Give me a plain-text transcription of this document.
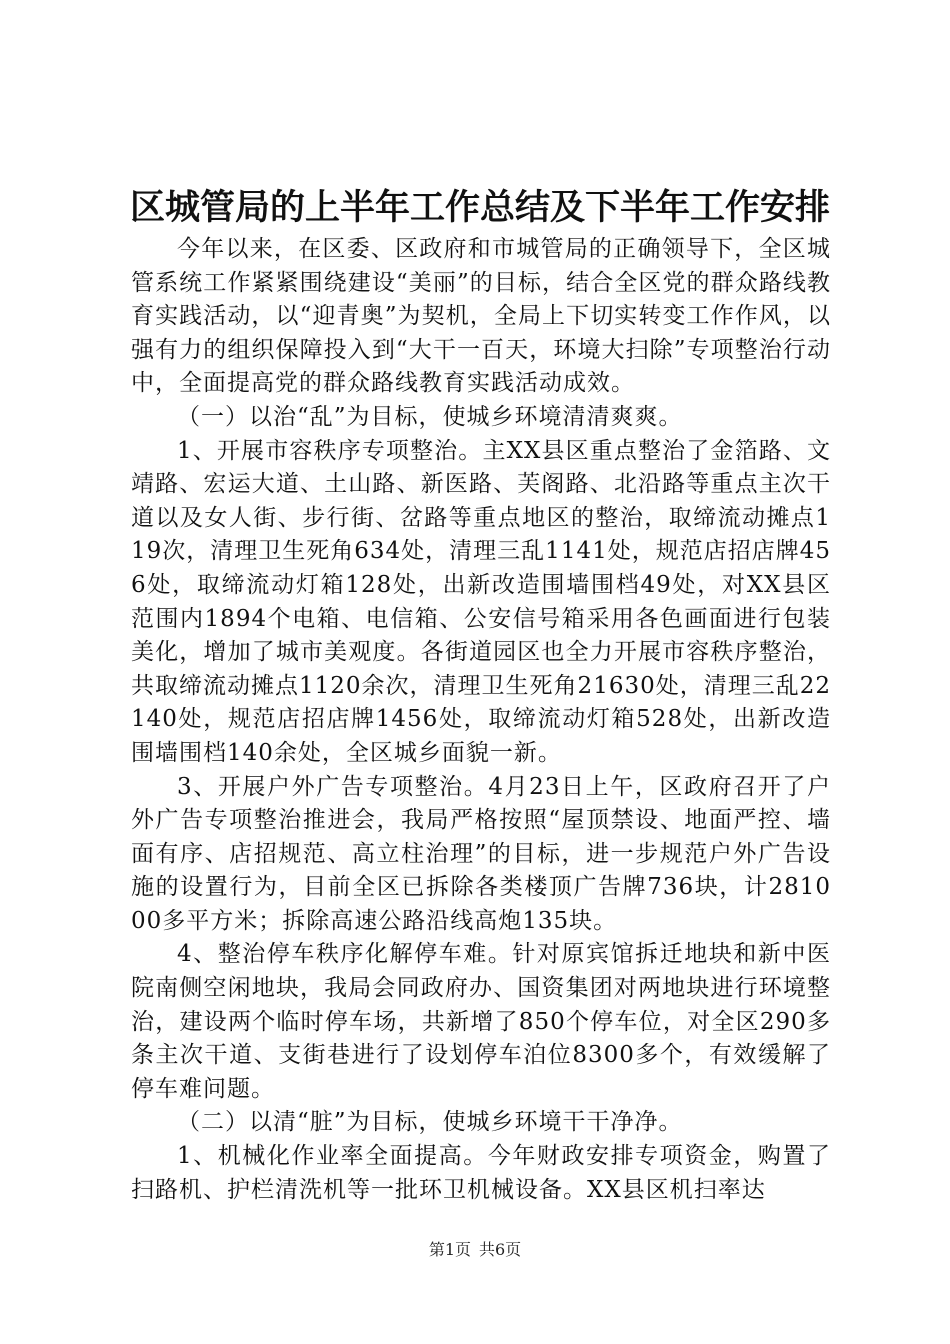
区城管局的上半年工作总结及下半年工作安排

今年以来，在区委、区政府和市城管局的正确领导下，全区城管系统工作紧紧围绕建设“美丽”的目标，结合全区党的群众路线教育实践活动，以“迎青奥”为契机，全局上下切实转变工作作风，以强有力的组织保障投入到“大干一百天，环境大扫除”专项整治行动中，全面提高党的群众路线教育实践活动成效。

（一）以治“乱”为目标，使城乡环境清清爽爽。

1、开展市容秩序专项整治。主XX县区重点整治了金箔路、文靖路、宏运大道、土山路、新医路、芙阁路、北沿路等重点主次干道以及女人街、步行街、岔路等重点地区的整治，取缔流动摊点119次，清理卫生死角634处，清理三乱1141处，规范店招店牌456处，取缔流动灯箱128处，出新改造围墙围档49处，对XX县区范围内1894个电箱、电信箱、公安信号箱采用各色画面进行包装美化，增加了城市美观度。各街道园区也全力开展市容秩序整治，共取缔流动摊点1120余次，清理卫生死角21630处，清理三乱22140处，规范店招店牌1456处，取缔流动灯箱528处，出新改造围墙围档140余处，全区城乡面貌一新。

3、开展户外广告专项整治。4月23日上午，区政府召开了户外广告专项整治推进会，我局严格按照“屋顶禁设、地面严控、墙面有序、店招规范、高立柱治理”的目标，进一步规范户外广告设施的设置行为，目前全区已拆除各类楼顶广告牌736块，计281000多平方米；拆除高速公路沿线高炮135块。

4、整治停车秩序化解停车难。针对原宾馆拆迁地块和新中医院南侧空闲地块，我局会同政府办、国资集团对两地块进行环境整治，建设两个临时停车场，共新增了850个停车位，对全区290多条主次干道、支街巷进行了设划停车泊位8300多个，有效缓解了停车难问题。

（二）以清“脏”为目标，使城乡环境干干净净。

1、机械化作业率全面提高。今年财政安排专项资金，购置了扫路机、护栏清洗机等一批环卫机械设备。XX县区机扫率达

第1页 共6页
